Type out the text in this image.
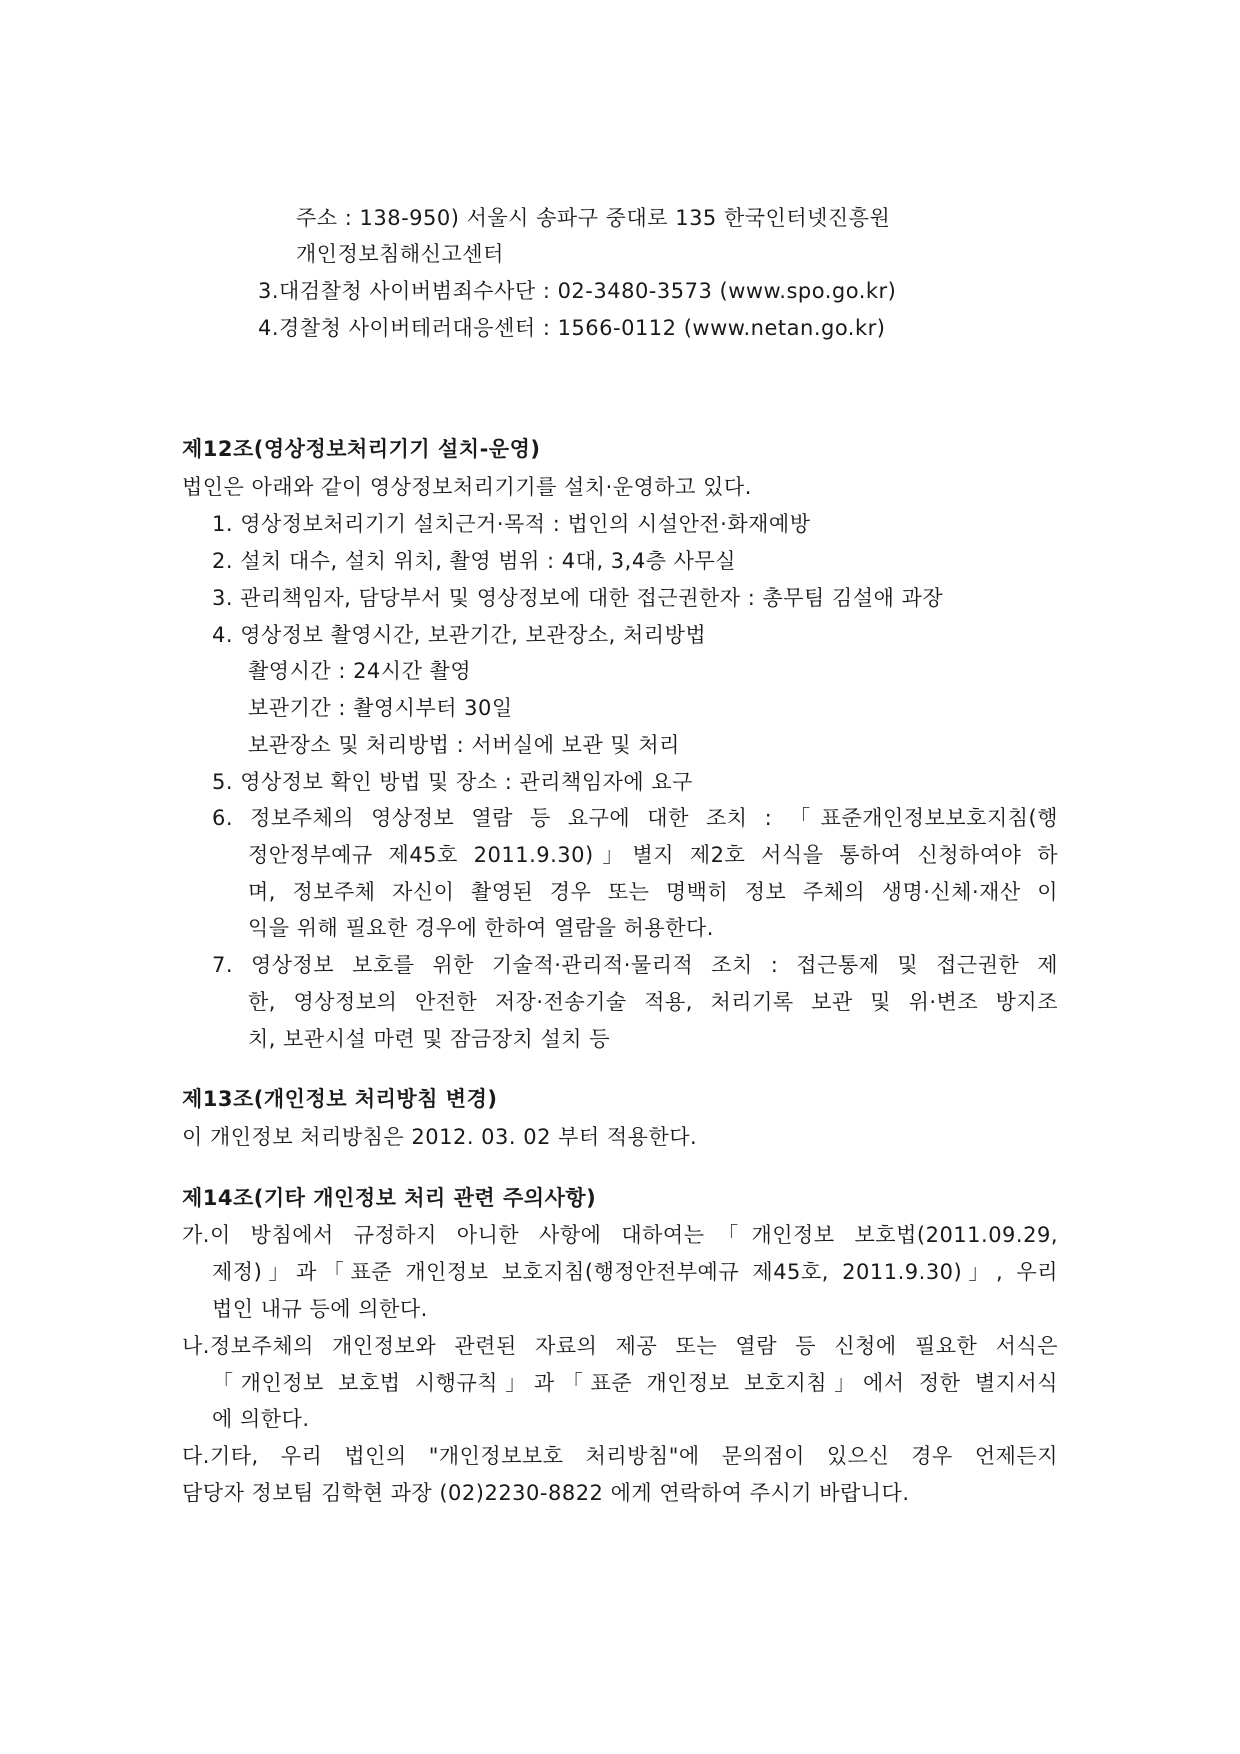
주소 : 138-950) 서울시 송파구 중대로 135 한국인터넷진흥원
개인정보침해신고센터
3.대검찰청 사이버범죄수사단 : 02-3480-3573 (www.spo.go.kr)
4.경찰청 사이버테러대응센터 : 1566-0112 (www.netan.go.kr)
제12조(영상정보처리기기 설치-운영)
법인은 아래와 같이 영상정보처리기기를 설치·운영하고 있다.
1. 영상정보처리기기 설치근거·목적 : 법인의 시설안전·화재예방
2. 설치 대수, 설치 위치, 촬영 범위 : 4대, 3,4층 사무실
3. 관리책임자, 담당부서 및 영상정보에 대한 접근권한자 : 총무팀 김설애 과장
4. 영상정보 촬영시간, 보관기간, 보관장소, 처리방법
촬영시간 : 24시간 촬영
보관기간 : 촬영시부터 30일
보관장소 및 처리방법 : 서버실에 보관 및 처리
5. 영상정보 확인 방법 및 장소 : 관리책임자에 요구
6. 정보주체의 영상정보 열람 등 요구에 대한 조치 : 「표준개인정보보호지침(행
정안정부예규 제45호 2011.9.30)」별지 제2호 서식을 통하여 신청하여야 하
며, 정보주체 자신이 촬영된 경우 또는 명백히 정보 주체의 생명·신체·재산 이
익을 위해 필요한 경우에 한하여 열람을 허용한다.
7. 영상정보 보호를 위한 기술적·관리적·물리적 조치 : 접근통제 및 접근권한 제
한, 영상정보의 안전한 저장·전송기술 적용, 처리기록 보관 및 위·변조 방지조
치, 보관시설 마련 및 잠금장치 설치 등
제13조(개인정보 처리방침 변경)
이 개인정보 처리방침은 2012. 03. 02 부터 적용한다.
제14조(기타 개인정보 처리 관련 주의사항)
가.이 방침에서 규정하지 아니한 사항에 대하여는「개인정보 보호법(2011.09.29,
제정)」과「표준 개인정보 보호지침(행정안전부예규 제45호, 2011.9.30)」, 우리
법인 내규 등에 의한다.
나.정보주체의 개인정보와 관련된 자료의 제공 또는 열람 등 신청에 필요한 서식은
「개인정보 보호법 시행규칙」과「표준 개인정보 보호지침」에서 정한 별지서식
에 의한다.
다.기타, 우리 법인의 "개인정보보호 처리방침"에 문의점이 있으신 경우 언제든지
담당자 정보팀 김학현 과장 (02)2230-8822 에게 연락하여 주시기 바랍니다.
